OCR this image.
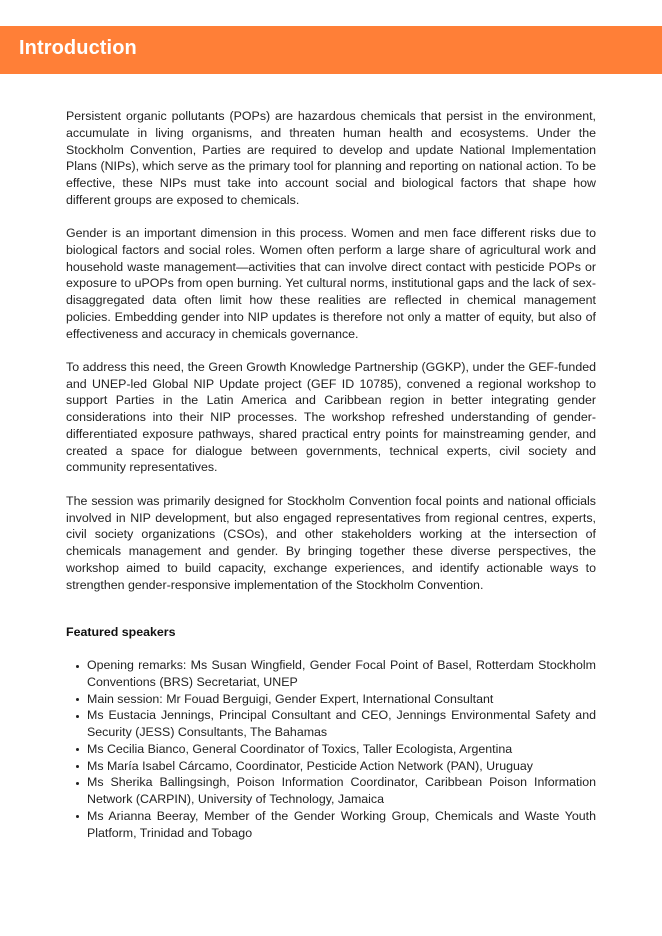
Introduction

Persistent organic pollutants (POPs) are hazardous chemicals that persist in the environment, accumulate in living organisms, and threaten human health and ecosystems. Under the Stockholm Convention, Parties are required to develop and update National Implementation Plans (NIPs), which serve as the primary tool for planning and reporting on national action. To be effective, these NIPs must take into account social and biological factors that shape how different groups are exposed to chemicals.

Gender is an important dimension in this process. Women and men face different risks due to biological factors and social roles. Women often perform a large share of agricultural work and household waste management—activities that can involve direct contact with pesticide POPs or exposure to uPOPs from open burning. Yet cultural norms, institutional gaps and the lack of sex-disaggregated data often limit how these realities are reflected in chemical management policies. Embedding gender into NIP updates is therefore not only a matter of equity, but also of effectiveness and accuracy in chemicals governance.

To address this need, the Green Growth Knowledge Partnership (GGKP), under the GEF-funded and UNEP-led Global NIP Update project (GEF ID 10785), convened a regional workshop to support Parties in the Latin America and Caribbean region in better integrating gender considerations into their NIP processes. The workshop refreshed understanding of gender-differentiated exposure pathways, shared practical entry points for mainstreaming gender, and created a space for dialogue between governments, technical experts, civil society and community representatives.

The session was primarily designed for Stockholm Convention focal points and national officials involved in NIP development, but also engaged representatives from regional centres, experts, civil society organizations (CSOs), and other stakeholders working at the intersection of chemicals management and gender. By bringing together these diverse perspectives, the workshop aimed to build capacity, exchange experiences, and identify actionable ways to strengthen gender-responsive implementation of the Stockholm Convention.

Featured speakers
Opening remarks: Ms Susan Wingfield, Gender Focal Point of Basel, Rotterdam Stockholm Conventions (BRS) Secretariat, UNEP
Main session: Mr Fouad Berguigi, Gender Expert, International Consultant
Ms Eustacia Jennings, Principal Consultant and CEO, Jennings Environmental Safety and Security (JESS) Consultants, The Bahamas
Ms Cecilia Bianco, General Coordinator of Toxics, Taller Ecologista, Argentina
Ms María Isabel Cárcamo, Coordinator, Pesticide Action Network (PAN), Uruguay
Ms Sherika Ballingsingh, Poison Information Coordinator, Caribbean Poison Information Network (CARPIN), University of Technology, Jamaica
Ms Arianna Beeray, Member of the Gender Working Group, Chemicals and Waste Youth Platform, Trinidad and Tobago
